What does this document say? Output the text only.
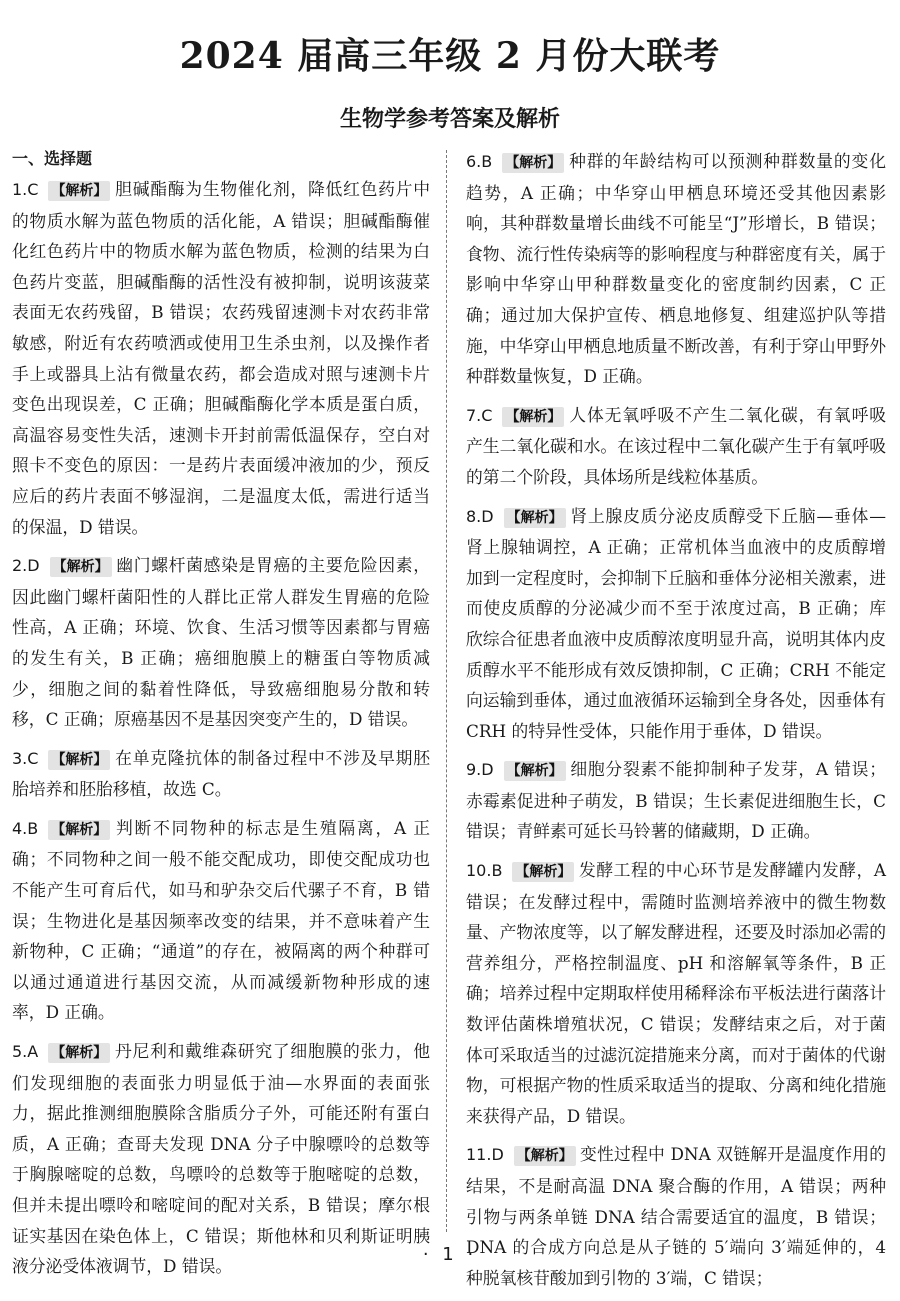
2024 届高三年级 2 月份大联考
生物学参考答案及解析
一、选择题
1.C 【解析】 胆碱酯酶为生物催化剂，降低红色药片中的物质水解为蓝色物质的活化能，A 错误；胆碱酯酶催化红色药片中的物质水解为蓝色物质，检测的结果为白色药片变蓝，胆碱酯酶的活性没有被抑制，说明该菠菜表面无农药残留，B 错误；农药残留速测卡对农药非常敏感，附近有农药喷洒或使用卫生杀虫剂，以及操作者手上或器具上沾有微量农药，都会造成对照与速测卡片变色出现误差，C 正确；胆碱酯酶化学本质是蛋白质，高温容易变性失活，速测卡开封前需低温保存，空白对照卡不变色的原因：一是药片表面缓冲液加的少，预反应后的药片表面不够湿润，二是温度太低，需进行适当的保温，D 错误。
2.D 【解析】 幽门螺杆菌感染是胃癌的主要危险因素，因此幽门螺杆菌阳性的人群比正常人群发生胃癌的危险性高，A 正确；环境、饮食、生活习惯等因素都与胃癌的发生有关，B 正确；癌细胞膜上的糖蛋白等物质减少，细胞之间的黏着性降低，导致癌细胞易分散和转移，C 正确；原癌基因不是基因突变产生的，D 错误。
3.C 【解析】 在单克隆抗体的制备过程中不涉及早期胚胎培养和胚胎移植，故选 C。
4.B 【解析】 判断不同物种的标志是生殖隔离，A 正确；不同物种之间一般不能交配成功，即使交配成功也不能产生可育后代，如马和驴杂交后代骡子不育，B 错误；生物进化是基因频率改变的结果，并不意味着产生新物种，C 正确；“通道”的存在，被隔离的两个种群可以通过通道进行基因交流，从而减缓新物种形成的速率，D 正确。
5.A 【解析】 丹尼利和戴维森研究了细胞膜的张力，他们发现细胞的表面张力明显低于油—水界面的表面张力，据此推测细胞膜除含脂质分子外，可能还附有蛋白质，A 正确；查哥夫发现 DNA 分子中腺嘌呤的总数等于胸腺嘧啶的总数，鸟嘌呤的总数等于胞嘧啶的总数，但并未提出嘌呤和嘧啶间的配对关系，B 错误；摩尔根证实基因在染色体上，C 错误；斯他林和贝利斯证明胰液分泌受体液调节，D 错误。
6.B 【解析】 种群的年龄结构可以预测种群数量的变化趋势，A 正确；中华穿山甲栖息环境还受其他因素影响，其种群数量增长曲线不可能呈“J”形增长，B 错误；食物、流行性传染病等的影响程度与种群密度有关，属于影响中华穿山甲种群数量变化的密度制约因素，C 正确；通过加大保护宣传、栖息地修复、组建巡护队等措施，中华穿山甲栖息地质量不断改善，有利于穿山甲野外种群数量恢复，D 正确。
7.C 【解析】 人体无氧呼吸不产生二氧化碳，有氧呼吸产生二氧化碳和水。在该过程中二氧化碳产生于有氧呼吸的第二个阶段，具体场所是线粒体基质。
8.D 【解析】 肾上腺皮质分泌皮质醇受下丘脑—垂体—肾上腺轴调控，A 正确；正常机体当血液中的皮质醇增加到一定程度时，会抑制下丘脑和垂体分泌相关激素，进而使皮质醇的分泌减少而不至于浓度过高，B 正确；库欣综合征患者血液中皮质醇浓度明显升高，说明其体内皮质醇水平不能形成有效反馈抑制，C 正确；CRH 不能定向运输到垂体，通过血液循环运输到全身各处，因垂体有 CRH 的特异性受体，只能作用于垂体，D 错误。
9.D 【解析】 细胞分裂素不能抑制种子发芽，A 错误；赤霉素促进种子萌发，B 错误；生长素促进细胞生长，C 错误；青鲜素可延长马铃薯的储藏期，D 正确。
10.B 【解析】 发酵工程的中心环节是发酵罐内发酵，A 错误；在发酵过程中，需随时监测培养液中的微生物数量、产物浓度等，以了解发酵进程，还要及时添加必需的营养组分，严格控制温度、pH 和溶解氧等条件，B 正确；培养过程中定期取样使用稀释涂布平板法进行菌落计数评估菌株增殖状况，C 错误；发酵结束之后，对于菌体可采取适当的过滤沉淀措施来分离，而对于菌体的代谢物，可根据产物的性质采取适当的提取、分离和纯化措施来获得产品，D 错误。
11.D 【解析】 变性过程中 DNA 双链解开是温度作用的结果，不是耐高温 DNA 聚合酶的作用，A 错误；两种引物与两条单链 DNA 结合需要适宜的温度，B 错误；DNA 的合成方向总是从子链的 5′端向 3′端延伸的，4 种脱氧核苷酸加到引物的 3′端，C 错误；
· 1 ·
